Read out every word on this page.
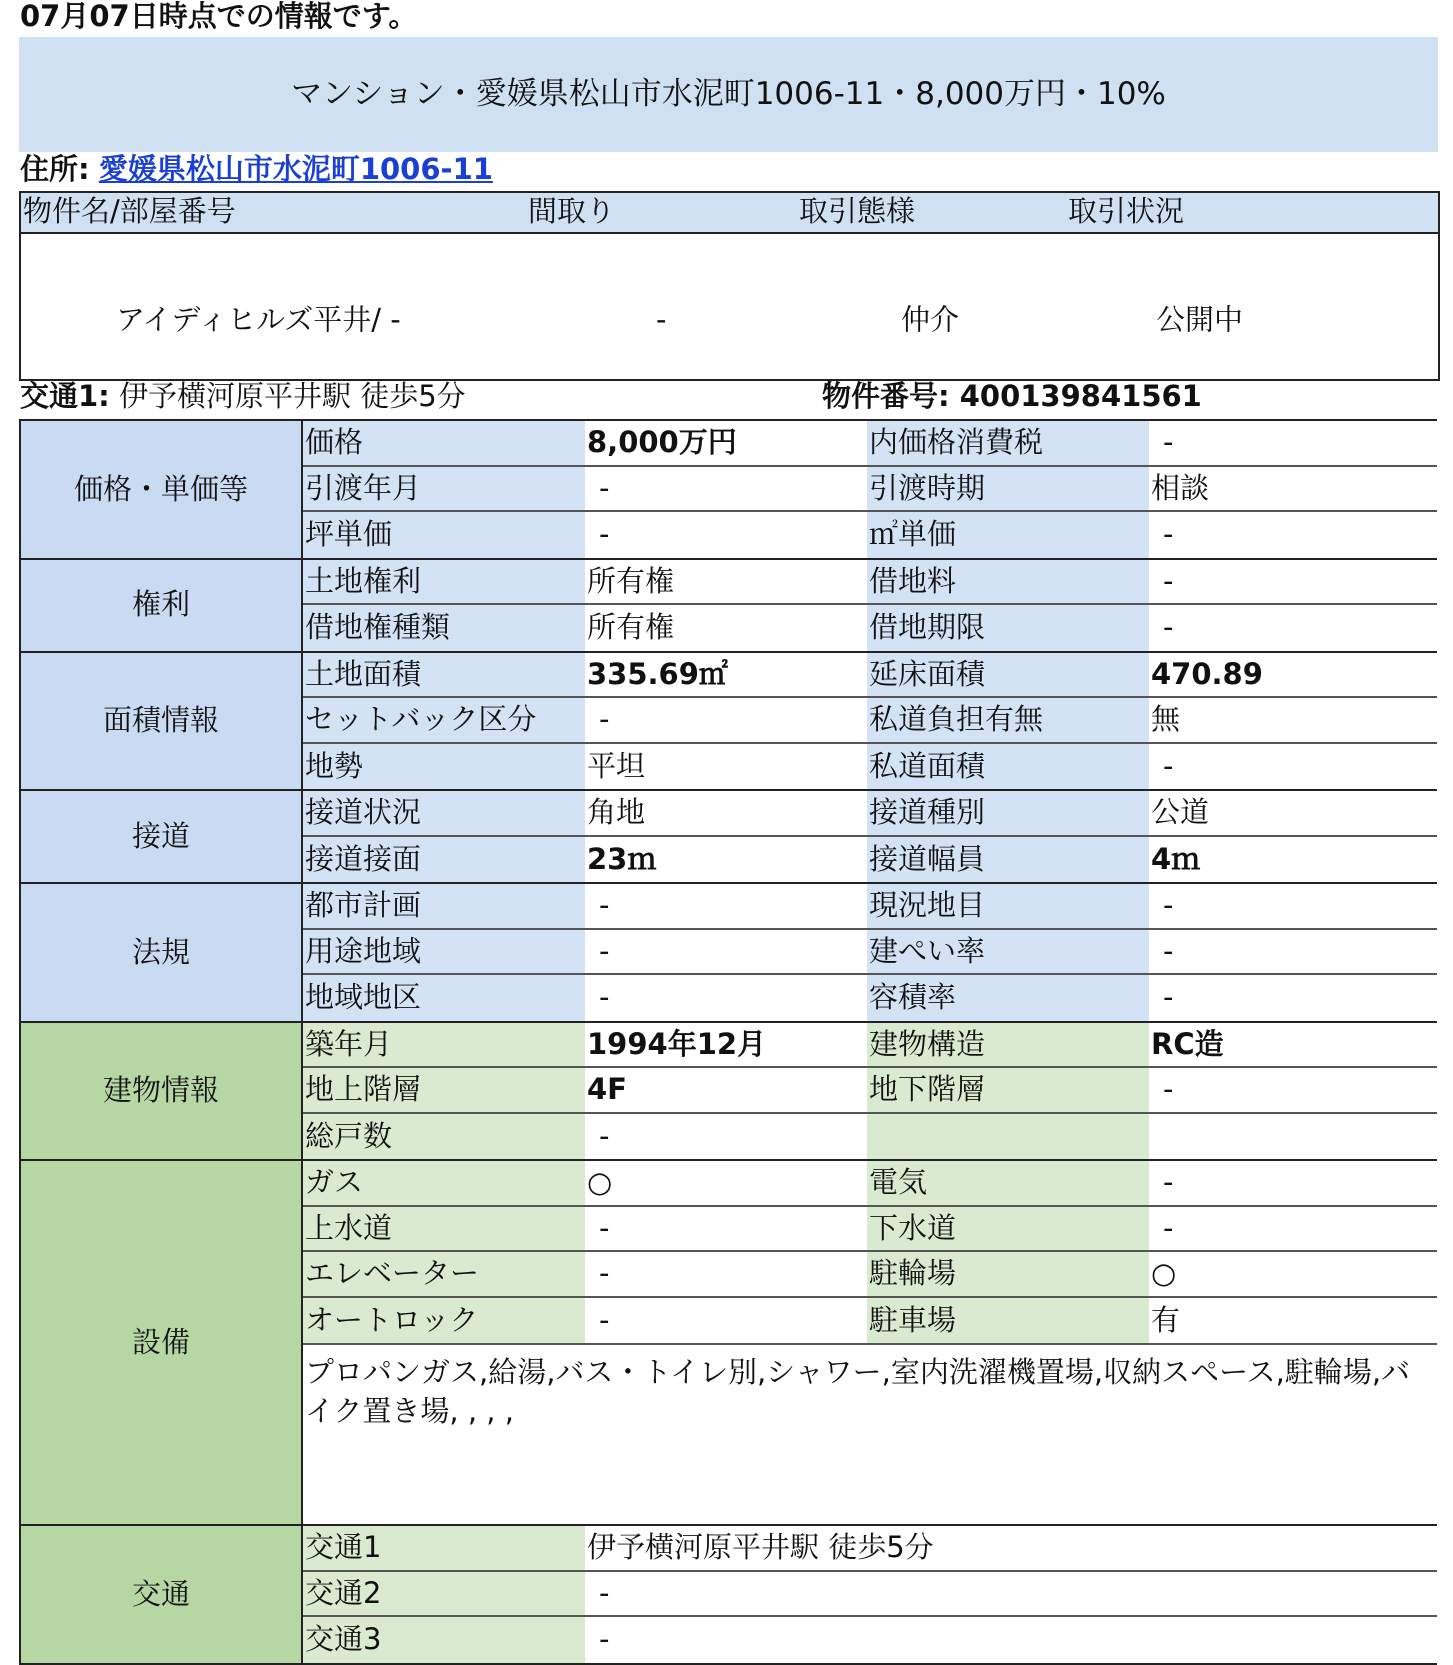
07月07日時点での情報です。
マンション・愛媛県松山市水泥町1006-11・8,000万円・10%
住所: 愛媛県松山市水泥町1006-11
物件名/部屋番号	間取り	取引態様	取引状況
アイディヒルズ平井/ -	-	仲介	公開中
交通1: 伊予横河原平井駅 徒歩5分	物件番号: 400139841561
価格・単価等
価格	8,000万円	内価格消費税	-
引渡年月	-	引渡時期	相談
坪単価	-	㎡単価	-
権利
土地権利	所有権	借地料	-
借地権種類	所有権	借地期限	-
面積情報
土地面積	335.69㎡	延床面積	470.89
セットバック区分	-	私道負担有無	無
地勢	平坦	私道面積	-
接道
接道状況	角地	接道種別	公道
接道接面	23ｍ	接道幅員	4ｍ
法規
都市計画	-	現況地目	-
用途地域	-	建ぺい率	-
地域地区	-	容積率	-
建物情報
築年月	1994年12月	建物構造	RC造
地上階層	4F	地下階層	-
総戸数	-
設備
ガス	○	電気	-
上水道	-	下水道	-
エレベーター	-	駐輪場	○
オートロック	-	駐車場	有
プロパンガス,給湯,バス・トイレ別,シャワー,室内洗濯機置場,収納スペース,駐輪場,バイク置き場, , , ,
交通
交通1	伊予横河原平井駅 徒歩5分
交通2	-
交通3	-
